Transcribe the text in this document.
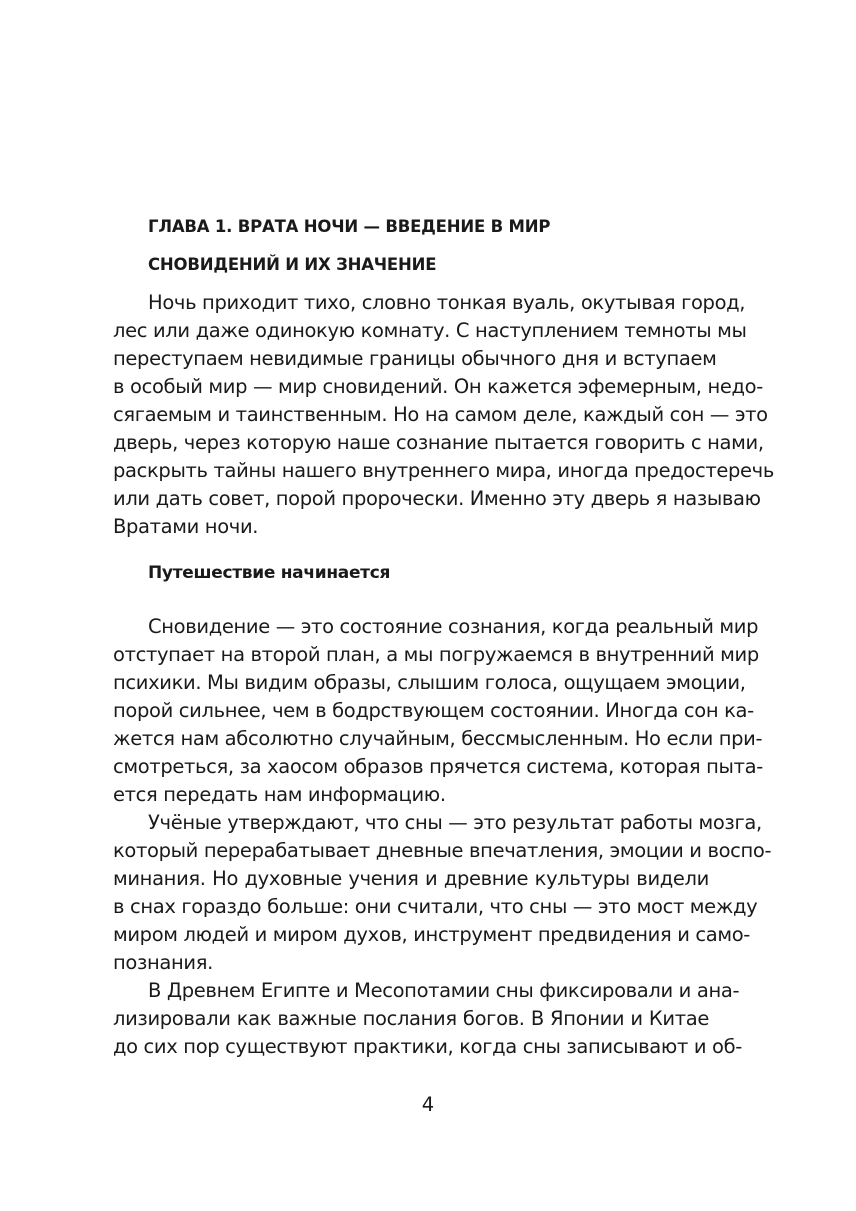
ГЛАВА 1. ВРАТА НОЧИ — ВВЕДЕНИЕ В МИР
СНОВИДЕНИЙ И ИХ ЗНАЧЕНИЕ
Ночь приходит тихо, словно тонкая вуаль, окутывая город,
лес или даже одинокую комнату. С наступлением темноты мы
переступаем невидимые границы обычного дня и вступаем
в особый мир — мир сновидений. Он кажется эфемерным, недо-
сягаемым и таинственным. Но на самом деле, каждый сон — это
дверь, через которую наше сознание пытается говорить с нами,
раскрыть тайны нашего внутреннего мира, иногда предостеречь
или дать совет, порой пророчески. Именно эту дверь я называю
Вратами ночи.
Путешествие начинается
Сновидение — это состояние сознания, когда реальный мир
отступает на второй план, а мы погружаемся в внутренний мир
психики. Мы видим образы, слышим голоса, ощущаем эмоции,
порой сильнее, чем в бодрствующем состоянии. Иногда сон ка-
жется нам абсолютно случайным, бессмысленным. Но если при-
смотреться, за хаосом образов прячется система, которая пыта-
ется передать нам информацию.
Учёные утверждают, что сны — это результат работы мозга,
который перерабатывает дневные впечатления, эмоции и воспо-
минания. Но духовные учения и древние культуры видели
в снах гораздо больше: они считали, что сны — это мост между
миром людей и миром духов, инструмент предвидения и само-
познания.
В Древнем Египте и Месопотамии сны фиксировали и ана-
лизировали как важные послания богов. В Японии и Китае
до сих пор существуют практики, когда сны записывают и об-
4
